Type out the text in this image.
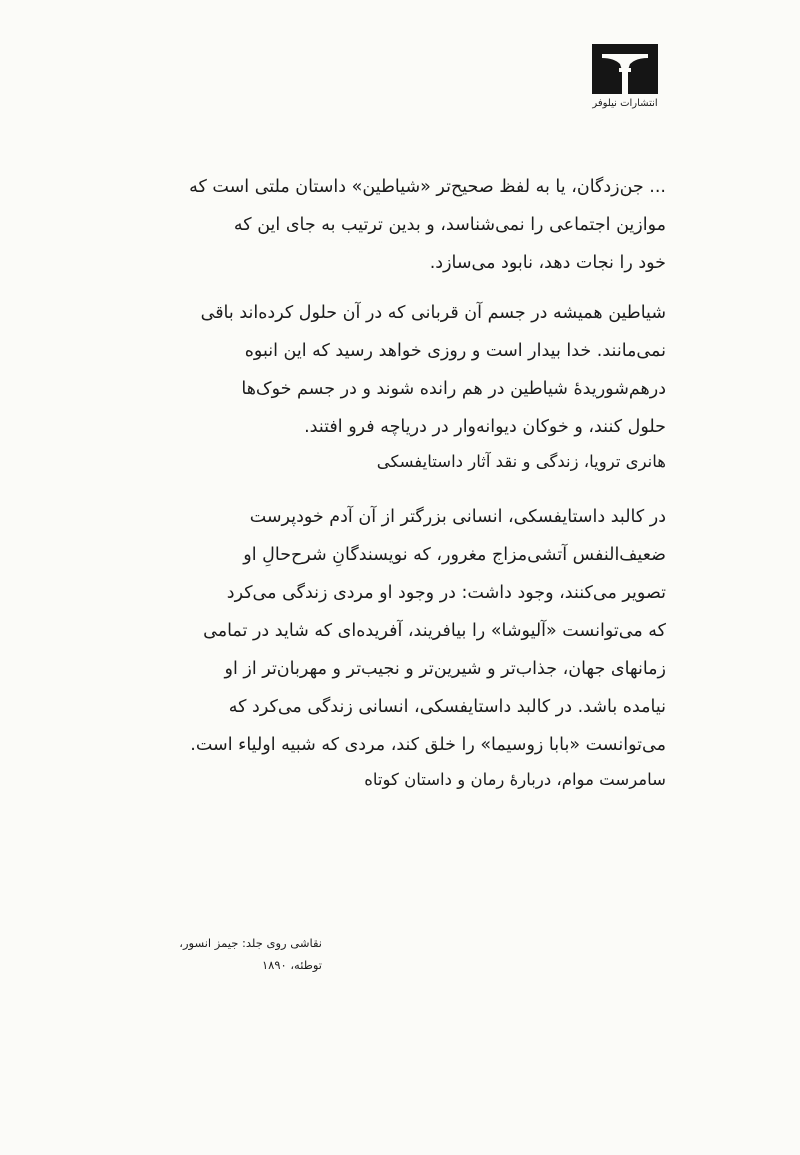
انتشارات نیلوفر

... جن‌زدگان، یا به لفظ صحیح‌تر «شیاطین» داستان ملتی است که
موازین اجتماعی را نمی‌شناسد، و بدین ترتیب به جای این که
خود را نجات دهد، نابود می‌سازد.

شیاطین همیشه در جسم آن قربانی که در آن حلول کرده‌اند باقی
نمی‌مانند. خدا بیدار است و روزی خواهد رسید که این انبوه
درهم‌شوریدهٔ شیاطین در هم رانده شوند و در جسم خوک‌ها
حلول کنند، و خوکان دیوانه‌وار در دریاچه فرو افتند.

هانری ترویا، زندگی و نقد آثار داستایفسکی

در کالبد داستایفسکی، انسانی بزرگتر از آن آدم خودپرست
ضعیف‌النفس آتشی‌مزاج مغرور، که نویسندگانِ شرح‌حالِ او
تصویر می‌کنند، وجود داشت: در وجود او مردی زندگی می‌کرد
که می‌توانست «آلیوشا» را بیافریند، آفریده‌ای که شاید در تمامی
زمانهای جهان، جذاب‌تر و شیرین‌تر و نجیب‌تر و مهربان‌تر از او
نیامده باشد. در کالبد داستایفسکی، انسانی زندگی می‌کرد که
می‌توانست «بابا زوسیما» را خلق کند، مردی که شبیه اولیاء است.

سامرست موام، دربارهٔ رمان و داستان کوتاه
نقاشی روی جلد: جیمز انسور،
توطئه، ۱۸۹۰
